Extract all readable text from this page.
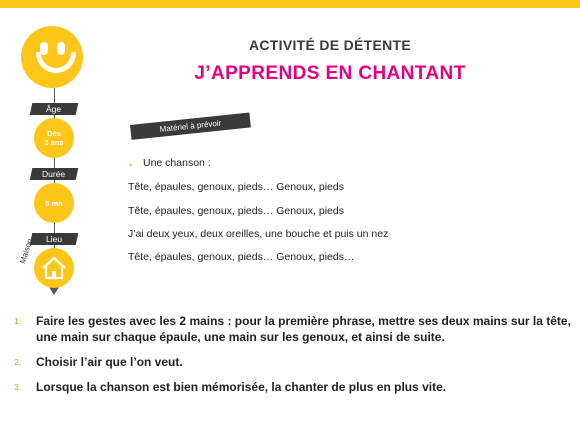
Âge
Dès
3 ans
Durée
5 mn
Lieu
Maison
ACTIVITÉ DE DÉTENTE
J’APPRENDS EN CHANTANT
Matériel à prévoir
• Une chanson :
Tête, épaules, genoux, pieds… Genoux, pieds
Tête, épaules, genoux, pieds… Genoux, pieds
J’ai deux yeux, deux oreilles, une bouche et puis un nez
Tête, épaules, genoux, pieds… Genoux, pieds…
1. Faire les gestes avec les 2 mains : pour la première phrase, mettre ses deux mains sur la tête, une main sur chaque épaule, une main sur les genoux, et ainsi de suite.
2. Choisir l’air que l’on veut.
3. Lorsque la chanson est bien mémorisée, la chanter de plus en plus vite.
